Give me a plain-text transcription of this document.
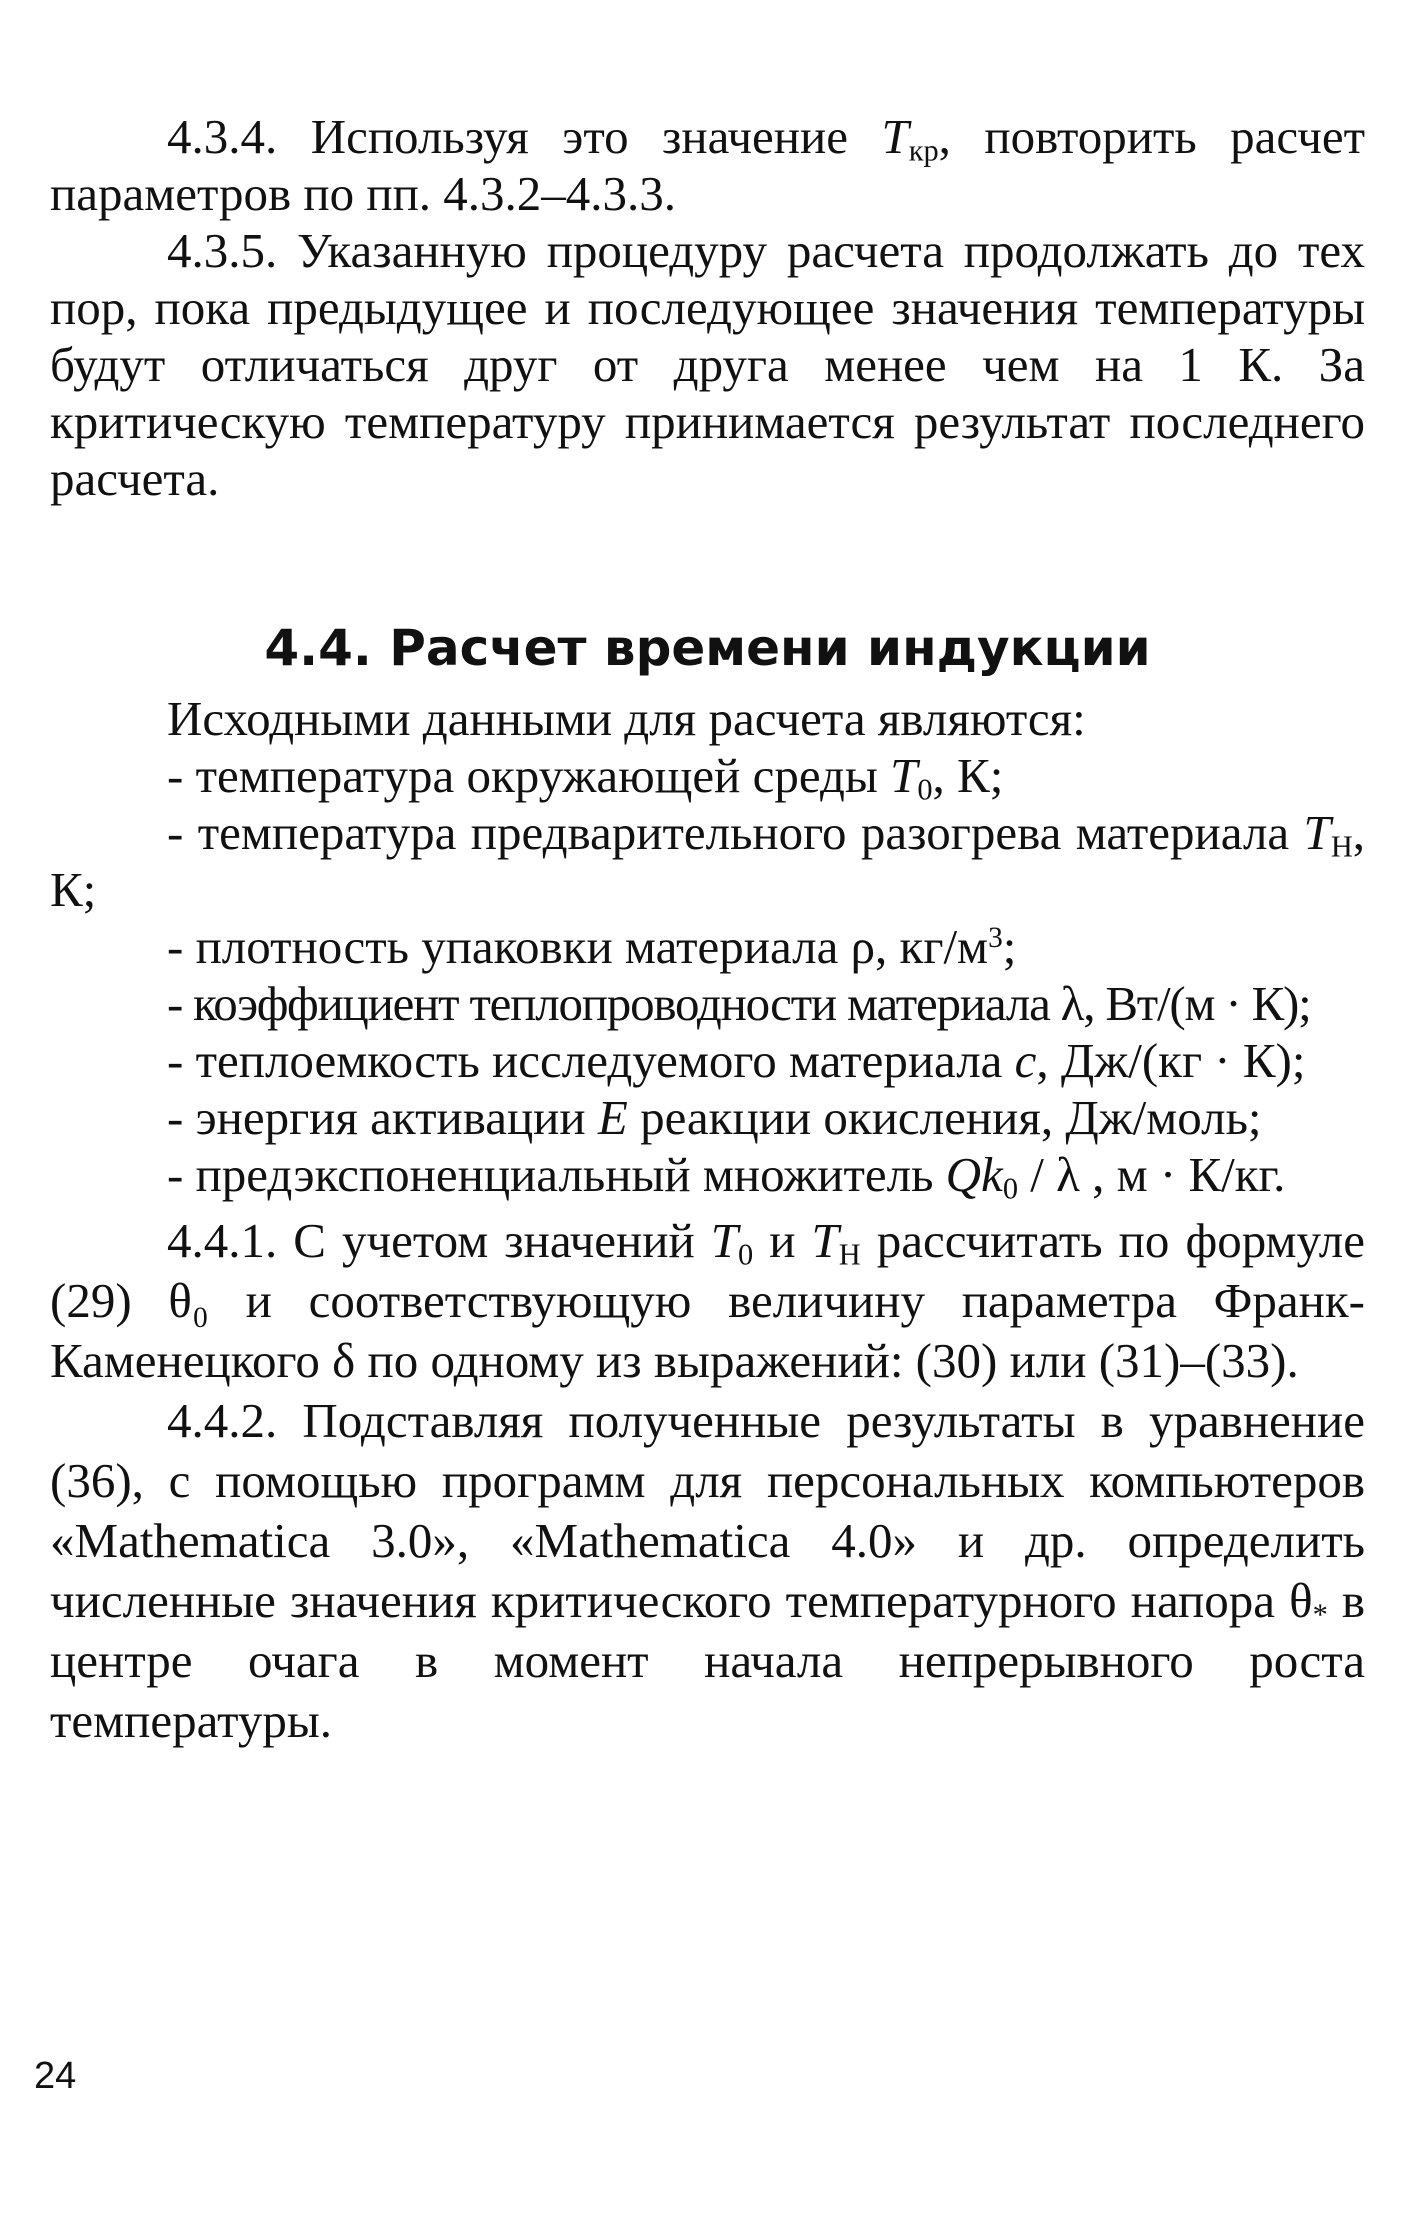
4.3.4. Используя это значение $T_{кр}$, повторить расчет параметров по пп. 4.3.2–4.3.3.

4.3.5. Указанную процедуру расчета продолжать до тех пор, пока предыдущее и последующее значения температуры будут отличаться друг от друга менее чем на 1 К. За критическую температуру принимается результат последнего расчета.

4.4. Расчет времени индукции

Исходными данными для расчета являются:

- температура окружающей среды $T_0$, К;

- температура предварительного разогрева материала $T_Н$, К;

- плотность упаковки материала ρ, $кг/м^3$;

- коэффициент теплопроводности материала λ, Вт/(м · К);

- теплоемкость исследуемого материала c, Дж/(кг · К);

- энергия активации E реакции окисления, Дж/моль;

- предэкспоненциальный множитель $Qk_0$ / λ , м · К/кг.

4.4.1. С учетом значений $T_0$ и $T_Н$ рассчитать по формуле (29) θ₀ и соответствующую величину параметра Франк-Каменецкого δ по одному из выражений: (30) или (31)–(33).

4.4.2. Подставляя полученные результаты в уравнение (36), с помощью программ для персональных компьютеров «Mathematica 3.0», «Mathematica 4.0» и др. определить численные значения критического температурного напора $\theta_*$ в центре очага в момент начала непрерывного роста температуры.

24
